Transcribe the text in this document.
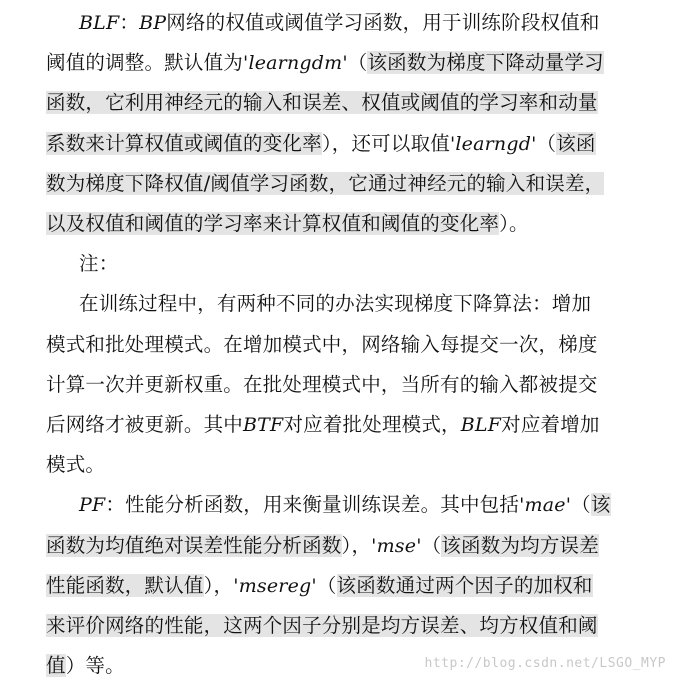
BLF：BP网络的权值或阈值学习函数，用于训练阶段权值和
阈值的调整。默认值为'learngdm'（该函数为梯度下降动量学习
函数，它利用神经元的输入和误差、权值或阈值的学习率和动量
系数来计算权值或阈值的变化率），还可以取值'learngd'（该函
数为梯度下降权值/阈值学习函数，它通过神经元的输入和误差，
以及权值和阈值的学习率来计算权值和阈值的变化率）。
注：
在训练过程中，有两种不同的办法实现梯度下降算法：增加
模式和批处理模式。在增加模式中，网络输入每提交一次，梯度
计算一次并更新权重。在批处理模式中，当所有的输入都被提交
后网络才被更新。其中BTF对应着批处理模式，BLF对应着增加
模式。
PF：性能分析函数，用来衡量训练误差。其中包括'mae'（该
函数为均值绝对误差性能分析函数），'mse'（该函数为均方误差
性能函数，默认值），'msereg'（该函数通过两个因子的加权和
来评价网络的性能，这两个因子分别是均方误差、均方权值和阈
值）等。	http://blog.csdn.net/LSGO_MYP
